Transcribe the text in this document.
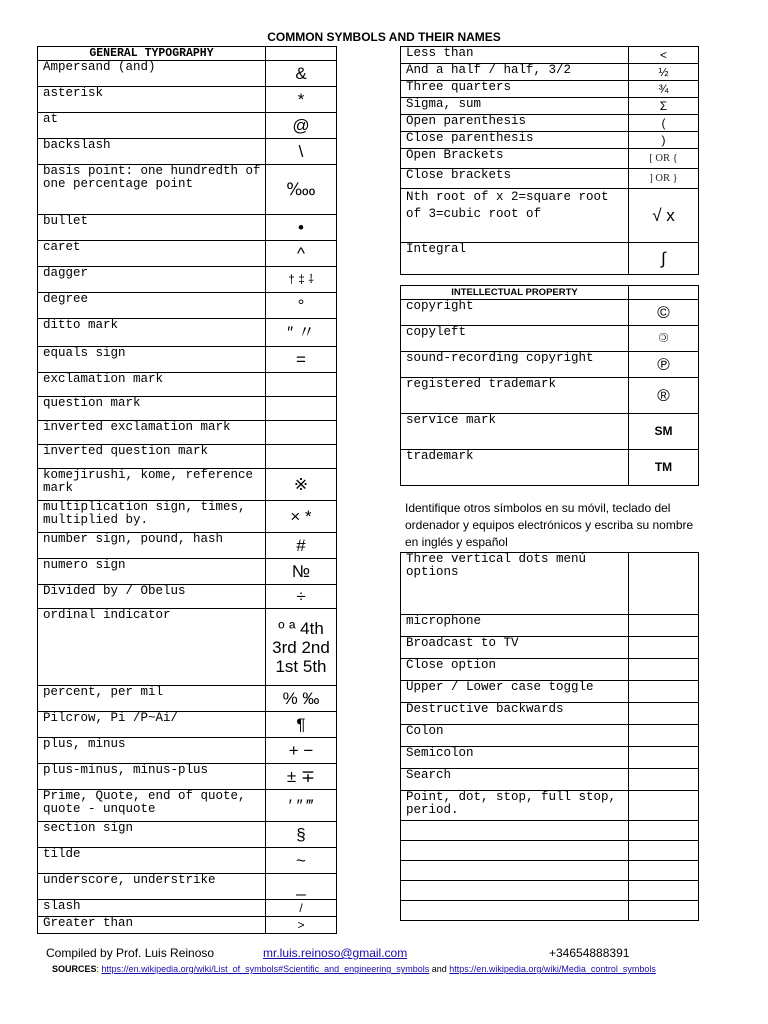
COMMON SYMBOLS AND THEIR NAMES
GENERAL TYPOGRAPHY	
Ampersand (and)	&
asterisk	*
at	@
backslash	\
basis point: one hundredth of one percentage point	‱
bullet	•
caret	^
dagger	† ‡ ⸸
degree	°
ditto mark	″ 〃
equals sign	=
exclamation mark	
question mark	
inverted exclamation mark	
inverted question mark	
komejirushi, kome, reference mark	※
multiplication sign, times, multiplied by.	× *
number sign, pound, hash	#
numero sign	№
Divided by / Obelus	÷
ordinal indicator	º ª 4th 3rd 2nd 1st 5th
percent, per mil	% ‰
Pilcrow, Pi /P~Ai/	¶
plus, minus	+ −
plus-minus, minus-plus	± ∓
Prime, Quote, end of quote, quote - unquote	′ ″ ‴
section sign	§
tilde	~
underscore, understrike	_
slash	/
Greater than	>
Less than	<
And a half / half, 3/2	½
Three quarters	¾
Sigma, sum	Σ
Open parenthesis	(
Close parenthesis	)
Open Brackets	[ OR {
Close brackets	] OR }
Nth root of x 2=square root of 3=cubic root of	√ x
Integral	∫
INTELLECTUAL PROPERTY	
copyright	©
copyleft	🄯
sound-recording copyright	℗
registered trademark	®
service mark	SM
trademark	TM
Identifique otros símbolos en su móvil, teclado del ordenador y equipos electrónicos y escriba su nombre en inglés y español
Three vertical dots menú options	
microphone	
Broadcast to TV	
Close option	
Upper / Lower case toggle	
Destructive backwards	
Colon	
Semicolon	
Search	
Point, dot, stop, full stop, period.	

Compiled by Prof. Luis Reinoso	mr.luis.reinoso@gmail.com	+34654888391
SOURCES: https://en.wikipedia.org/wiki/List_of_symbols#Scientific_and_engineering_symbols and https://en.wikipedia.org/wiki/Media_control_symbols
